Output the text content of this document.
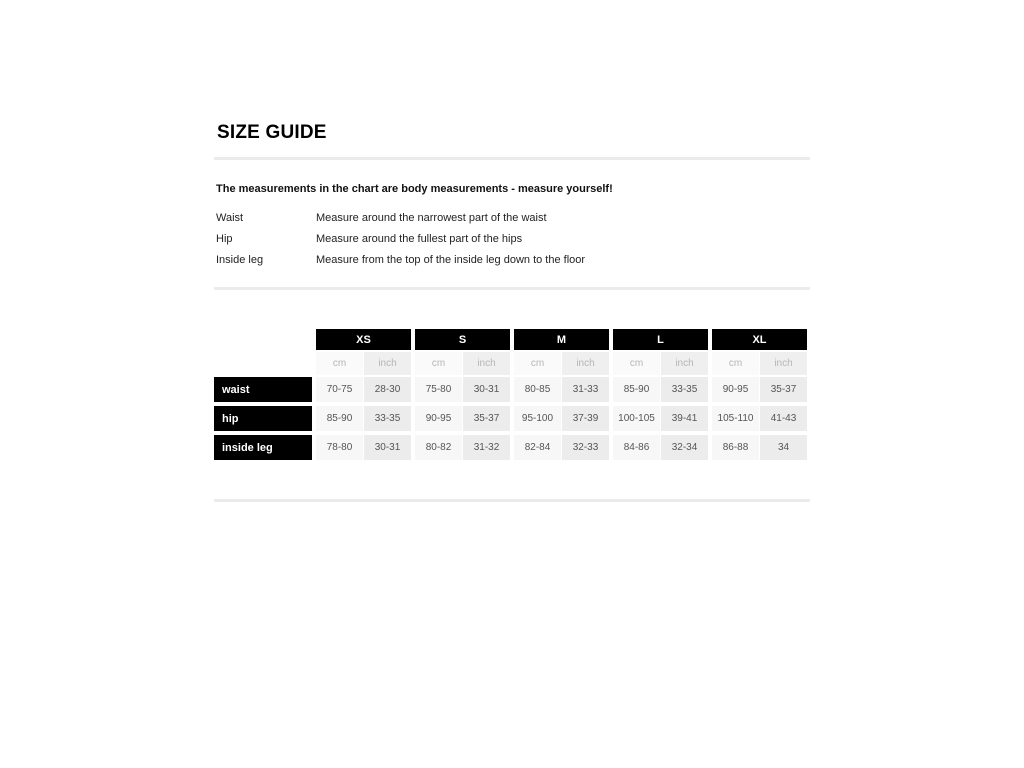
SIZE GUIDE
The measurements in the chart are body measurements - measure yourself!
Waist	Measure around the narrowest part of the waist
Hip	Measure around the fullest part of the hips
Inside leg	Measure from the top of the inside leg down to the floor
XS	S	M	L	XL
cm	inch	cm	inch	cm	inch	cm	inch	cm	inch
waist	70-75	28-30	75-80	30-31	80-85	31-33	85-90	33-35	90-95	35-37
hip	85-90	33-35	90-95	35-37	95-100	37-39	100-105	39-41	105-110	41-43
inside leg	78-80	30-31	80-82	31-32	82-84	32-33	84-86	32-34	86-88	34
